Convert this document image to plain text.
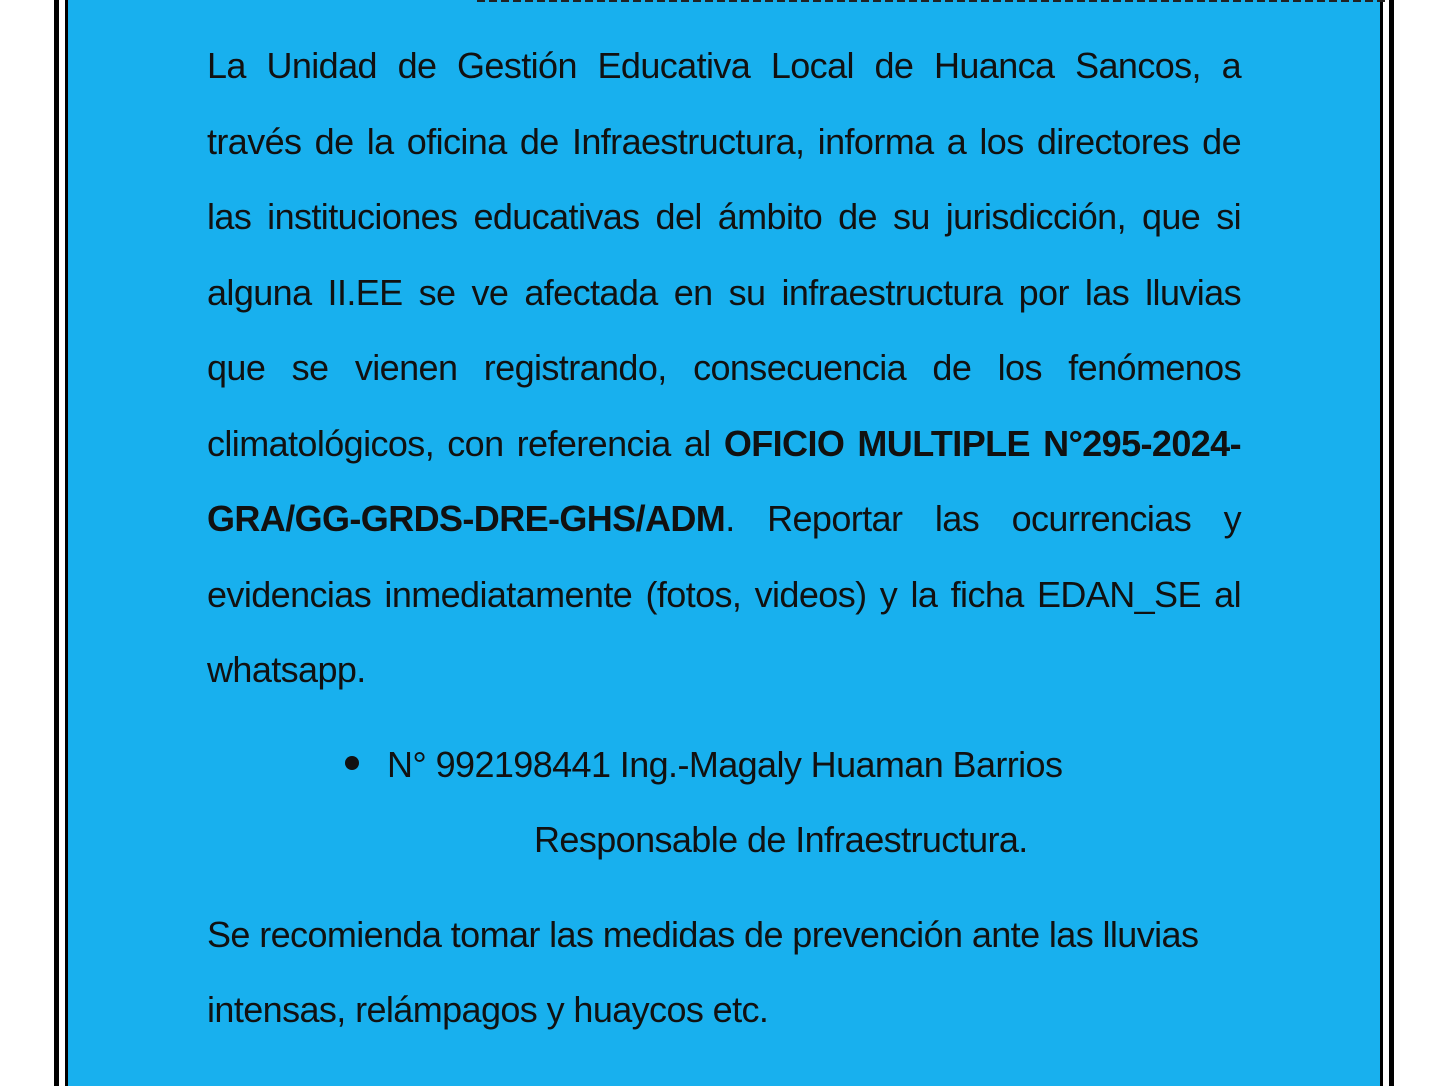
La Unidad de Gestión Educativa Local de Huanca Sancos, a través de la oficina de Infraestructura, informa a los directores de las instituciones educativas del ámbito de su jurisdicción, que si alguna II.EE se ve afectada en su infraestructura por las lluvias que se vienen registrando, consecuencia de los fenómenos climatológicos, con referencia al OFICIO MULTIPLE N°295-2024-GRA/GG-GRDS-DRE-GHS/ADM. Reportar las ocurrencias y evidencias inmediatamente (fotos, videos) y la ficha EDAN_SE al whatsapp.

N° 992198441 Ing.-Magaly Huaman Barrios
Responsable de Infraestructura.

Se recomienda tomar las medidas de prevención ante las lluvias intensas, relámpagos y huaycos etc.
